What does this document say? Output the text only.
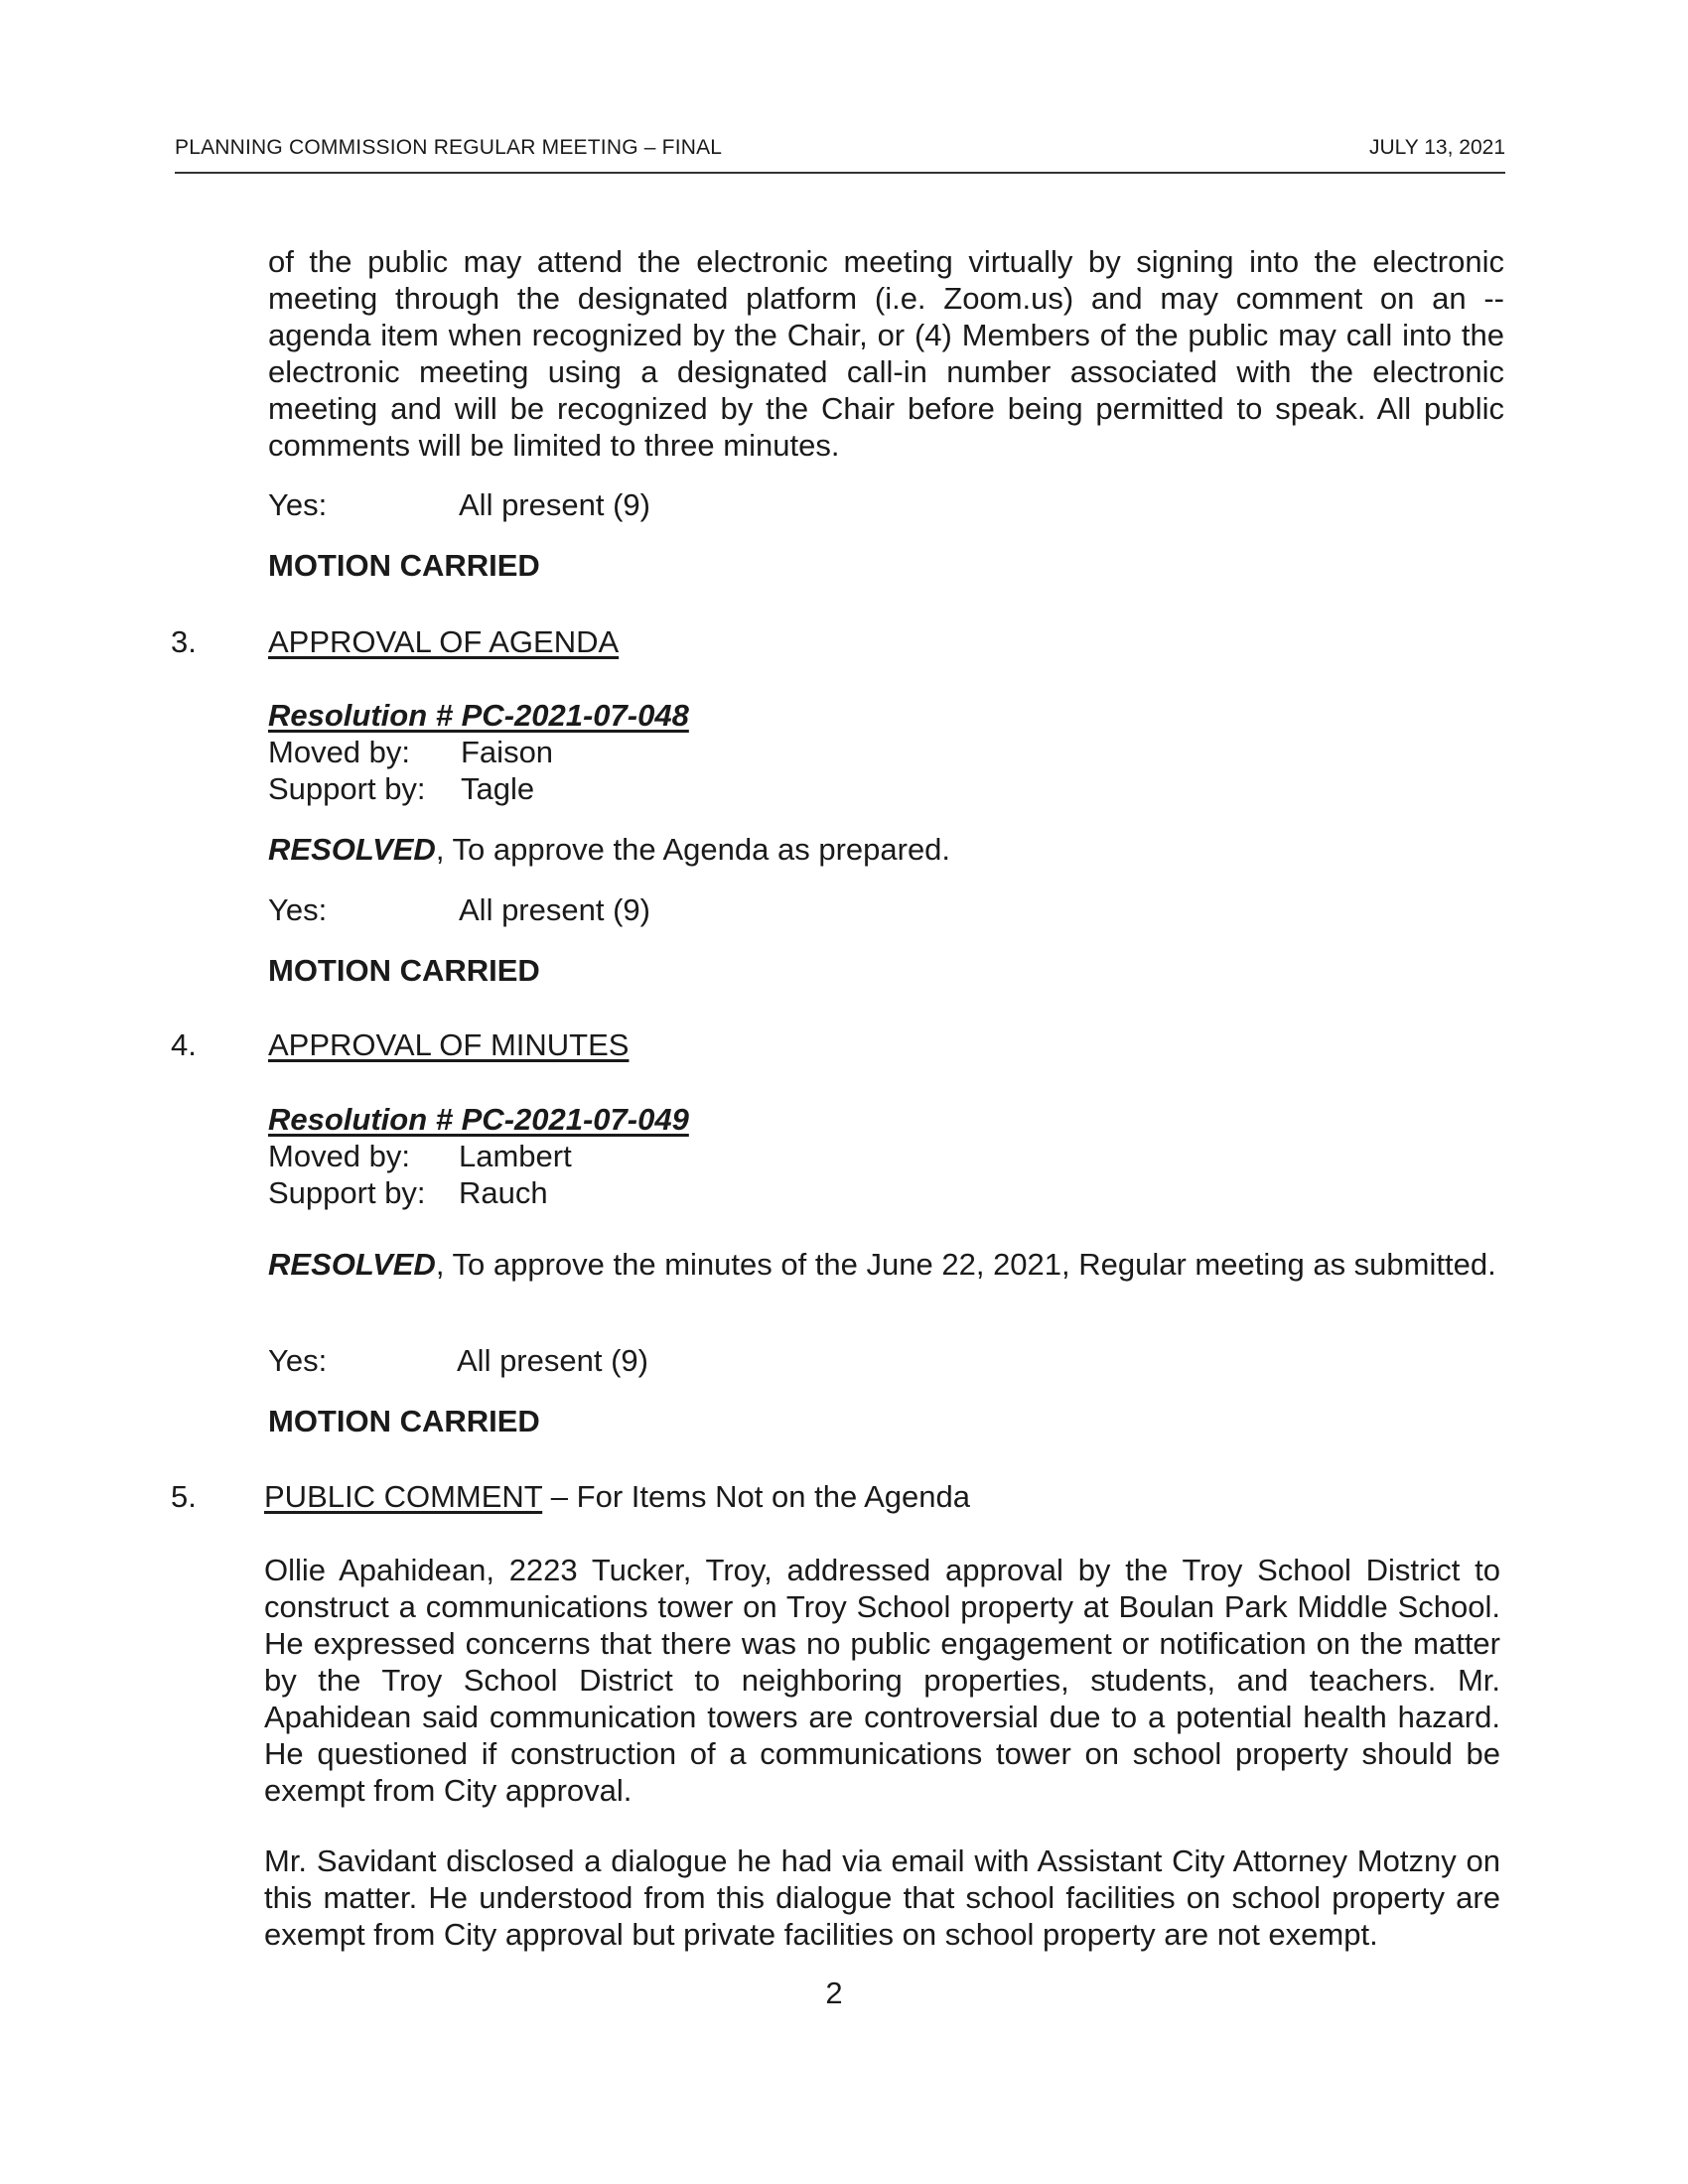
PLANNING COMMISSION REGULAR MEETING – FINAL	JULY 13, 2021
of the public may attend the electronic meeting virtually by signing into the electronic meeting through the designated platform (i.e. Zoom.us) and may comment on an -- agenda item when recognized by the Chair, or (4) Members of the public may call into the electronic meeting using a designated call-in number associated with the electronic meeting and will be recognized by the Chair before being permitted to speak. All public comments will be limited to three minutes.
Yes:	All present (9)
MOTION CARRIED
3. APPROVAL OF AGENDA
Resolution # PC-2021-07-048
Moved by: Faison
Support by: Tagle
RESOLVED, To approve the Agenda as prepared.
Yes:	All present (9)
MOTION CARRIED
4. APPROVAL OF MINUTES
Resolution # PC-2021-07-049
Moved by: Lambert
Support by: Rauch
RESOLVED, To approve the minutes of the June 22, 2021, Regular meeting as submitted.
Yes:	All present (9)
MOTION CARRIED
5. PUBLIC COMMENT – For Items Not on the Agenda
Ollie Apahidean, 2223 Tucker, Troy, addressed approval by the Troy School District to construct a communications tower on Troy School property at Boulan Park Middle School. He expressed concerns that there was no public engagement or notification on the matter by the Troy School District to neighboring properties, students, and teachers. Mr. Apahidean said communication towers are controversial due to a potential health hazard. He questioned if construction of a communications tower on school property should be exempt from City approval.
Mr. Savidant disclosed a dialogue he had via email with Assistant City Attorney Motzny on this matter. He understood from this dialogue that school facilities on school property are exempt from City approval but private facilities on school property are not exempt.
2
